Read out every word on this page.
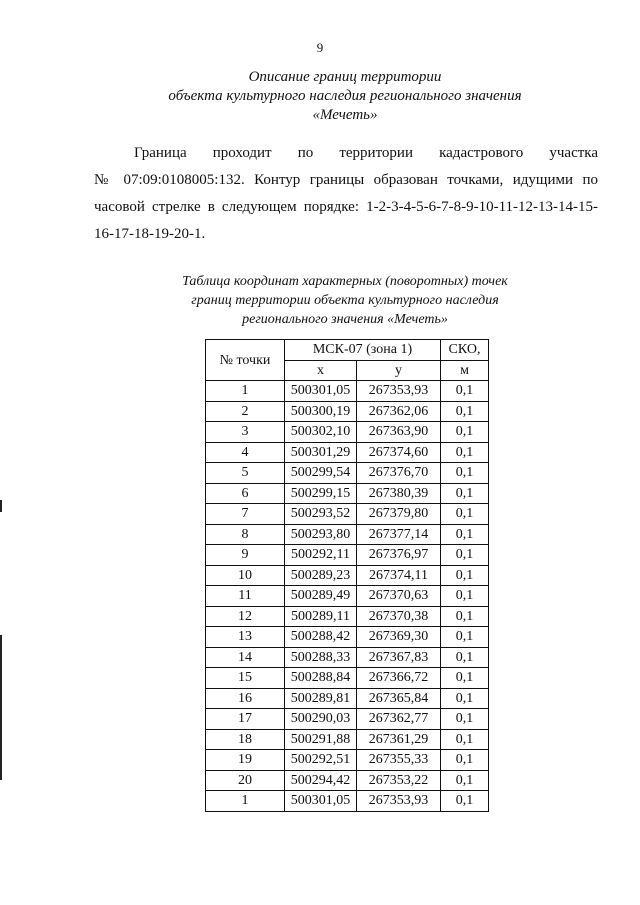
9
Описание границ территории
объекта культурного наследия регионального значения
«Мечеть»
Граница проходит по территории кадастрового участка
№ 07:09:0108005:132. Контур границы образован точками, идущими по
часовой стрелке в следующем порядке: 1-2-3-4-5-6-7-8-9-10-11-12-13-14-15-
16-17-18-19-20-1.
Таблица координат характерных (поворотных) точек
границ территории объекта культурного наследия
регионального значения «Мечеть»
№ точки	МСК-07 (зона 1)		СКО,
	х	у	м
1	500301,05	267353,93	0,1
2	500300,19	267362,06	0,1
3	500302,10	267363,90	0,1
4	500301,29	267374,60	0,1
5	500299,54	267376,70	0,1
6	500299,15	267380,39	0,1
7	500293,52	267379,80	0,1
8	500293,80	267377,14	0,1
9	500292,11	267376,97	0,1
10	500289,23	267374,11	0,1
11	500289,49	267370,63	0,1
12	500289,11	267370,38	0,1
13	500288,42	267369,30	0,1
14	500288,33	267367,83	0,1
15	500288,84	267366,72	0,1
16	500289,81	267365,84	0,1
17	500290,03	267362,77	0,1
18	500291,88	267361,29	0,1
19	500292,51	267355,33	0,1
20	500294,42	267353,22	0,1
1	500301,05	267353,93	0,1
